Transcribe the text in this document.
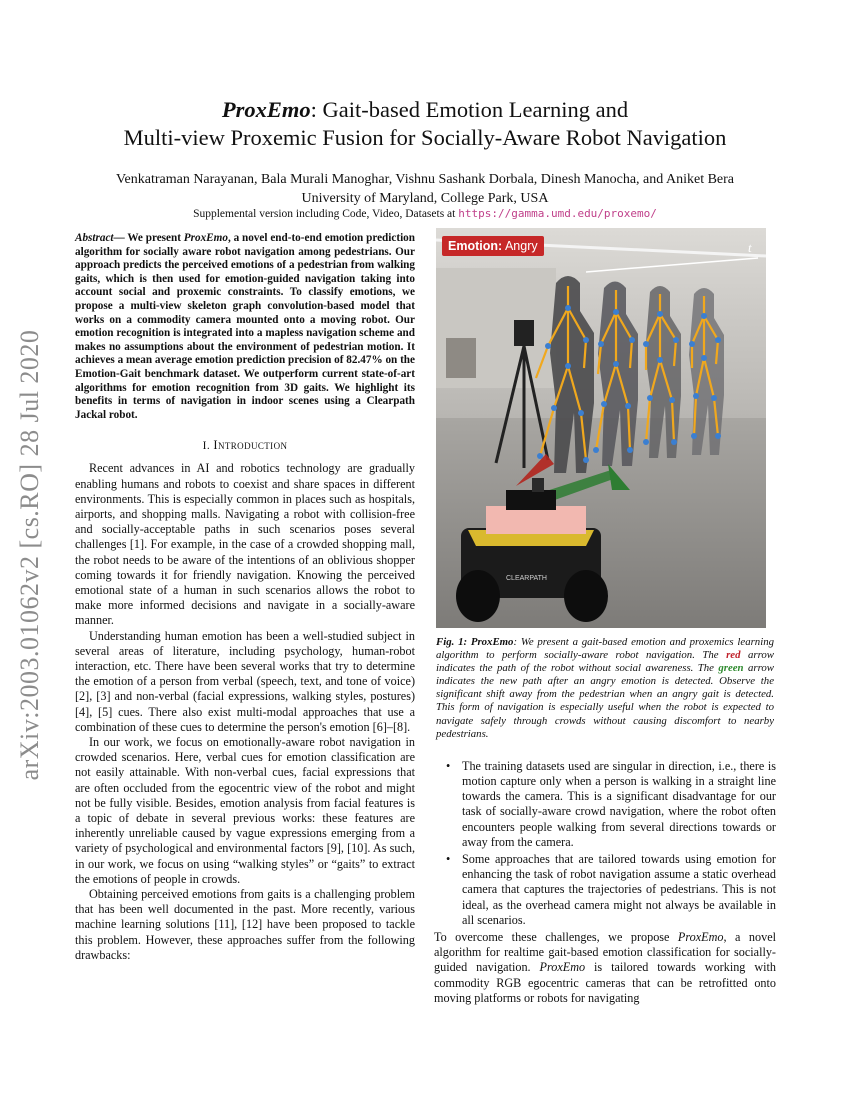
arXiv:2003.01062v2 [cs.RO] 28 Jul 2020
ProxEmo: Gait-based Emotion Learning and
Multi-view Proxemic Fusion for Socially-Aware Robot Navigation
Venkatraman Narayanan, Bala Murali Manoghar, Vishnu Sashank Dorbala, Dinesh Manocha, and Aniket Bera
University of Maryland, College Park, USA
Supplemental version including Code, Video, Datasets at https://gamma.umd.edu/proxemo/

Abstract— We present ProxEmo, a novel end-to-end emotion prediction algorithm for socially aware robot navigation among pedestrians. Our approach predicts the perceived emotions of a pedestrian from walking gaits, which is then used for emotion-guided navigation taking into account social and proxemic constraints. To classify emotions, we propose a multi-view skeleton graph convolution-based model that works on a commodity camera mounted onto a moving robot. Our emotion recognition is integrated into a mapless navigation scheme and makes no assumptions about the environment of pedestrian motion. It achieves a mean average emotion prediction precision of 82.47% on the Emotion-Gait benchmark dataset. We outperform current state-of-art algorithms for emotion recognition from 3D gaits. We highlight its benefits in terms of navigation in indoor scenes using a Clearpath Jackal robot.

I. Introduction

Recent advances in AI and robotics technology are gradually enabling humans and robots to coexist and share spaces in different environments. This is especially common in places such as hospitals, airports, and shopping malls. Navigating a robot with collision-free and socially-acceptable paths in such scenarios poses several challenges [1]. For example, in the case of a crowded shopping mall, the robot needs to be aware of the intentions of an oblivious shopper coming towards it for friendly navigation. Knowing the perceived emotional state of a human in such scenarios allows the robot to make more informed decisions and navigate in a socially-aware manner.

Understanding human emotion has been a well-studied subject in several areas of literature, including psychology, human-robot interaction, etc. There have been several works that try to determine the emotion of a person from verbal (speech, text, and tone of voice) [2], [3] and non-verbal (facial expressions, walking styles, postures) [4], [5] cues. There also exist multi-modal approaches that use a combination of these cues to determine the person's emotion [6]–[8].

In our work, we focus on emotionally-aware robot navigation in crowded scenarios. Here, verbal cues for emotion classification are not easily attainable. With non-verbal cues, facial expressions that are often occluded from the egocentric view of the robot and might not be fully visible. Besides, emotion analysis from facial features is a topic of debate in several previous works: these features are inherently unreliable caused by vague expressions emerging from a variety of psychological and environmental factors [9], [10]. As such, in our work, we focus on using “walking styles” or “gaits” to extract the emotions of people in crowds.

Obtaining perceived emotions from gaits is a challenging problem that has been well documented in the past. More recently, various machine learning solutions [11], [12] have been proposed to tackle this problem. However, these approaches suffer from the following drawbacks:

t
CLEARPATH
Emotion: Angry

Fig. 1: ProxEmo: We present a gait-based emotion and proxemics learning algorithm to perform socially-aware robot navigation. The red arrow indicates the path of the robot without social awareness. The green arrow indicates the new path after an angry emotion is detected. Observe the significant shift away from the pedestrian when an angry gait is detected. This form of navigation is especially useful when the robot is expected to navigate safely through crowds without causing discomfort to nearby pedestrians.

• The training datasets used are singular in direction, i.e., there is motion capture only when a person is walking in a straight line towards the camera. This is a significant disadvantage for our task of socially-aware crowd navigation, where the robot often encounters people walking from several directions towards or away from the camera.
• Some approaches that are tailored towards using emotion for enhancing the task of robot navigation assume a static overhead camera that captures the trajectories of pedestrians. This is not ideal, as the overhead camera might not always be available in all scenarios.

To overcome these challenges, we propose ProxEmo, a novel algorithm for realtime gait-based emotion classification for socially-guided navigation. ProxEmo is tailored towards working with commodity RGB egocentric cameras that can be retrofitted onto moving platforms or robots for navigating
